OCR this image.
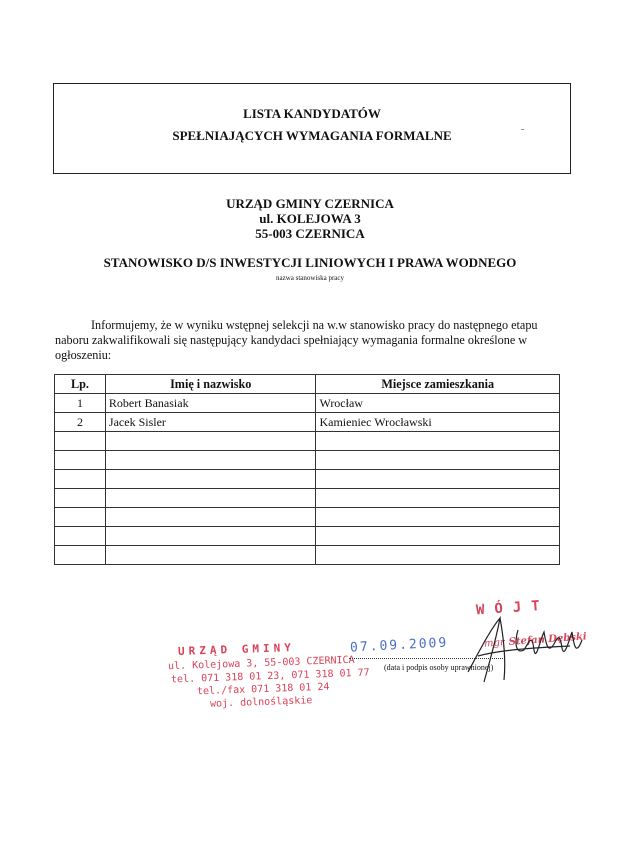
LISTA KANDYDATÓW
SPEŁNIAJĄCYCH WYMAGANIA FORMALNE	-
URZĄD GMINY CZERNICA
ul. KOLEJOWA 3
55-003 CZERNICA
STANOWISKO D/S INWESTYCJI LINIOWYCH I PRAWA WODNEGO
nazwa stanowiska pracy
Informujemy, że w wyniku wstępnej selekcji na w.w stanowisko pracy do następnego etapu naboru zakwalifikowali się następujący kandydaci spełniający wymagania formalne określone w ogłoszeniu:
Lp.	Imię i nazwisko	Miejsce zamieszkania
1	Robert Banasiak	Wrocław
2	Jacek Sisler	Kamieniec Wrocławski

URZĄD GMINY
ul. Kolejowa 3, 55-003 CZERNICA
tel. 071 318 01 23, 071 318 01 77
tel./fax 071 318 01 24
woj. dolnośląskie
07.09.2009
(data i podpis osoby uprawnionej)
WÓJT
mgr Stefan Dębski
